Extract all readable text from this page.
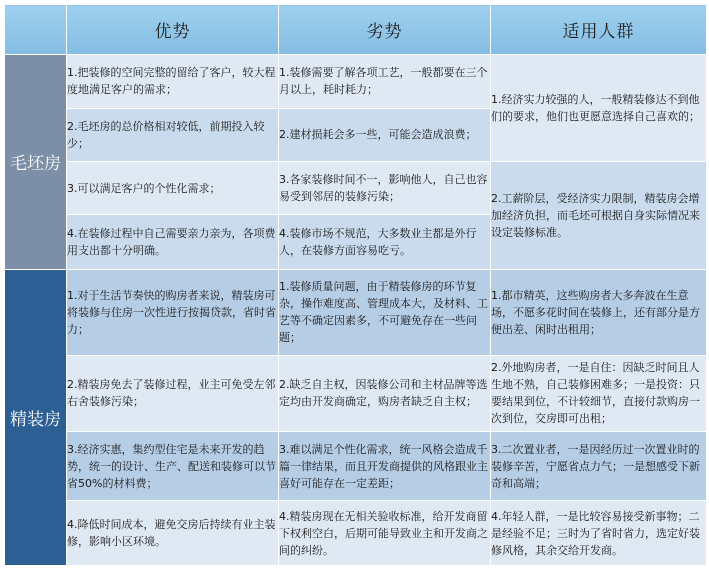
	优势	劣势	适用人群
毛坯房	1.把装修的空间完整的留给了客户，较大程度地满足客户的需求；	1.装修需要了解各项工艺，一般都要在三个月以上，耗时耗力；	1.经济实力较强的人，一般精装修达不到他们的要求，他们也更愿意选择自己喜欢的；
	2.毛坯房的总价格相对较低，前期投入较少；	2.建材损耗会多一些，可能会造成浪费；	
	3.可以满足客户的个性化需求；	3.各家装修时间不一，影响他人，自己也容易受到邻居的装修污染；	2.工薪阶层，受经济实力限制，精装房会增加经济负担，而毛坯可根据自身实际情况来设定装修标准。
	4.在装修过程中自己需要亲力亲为，各项费用支出都十分明确。	4.装修市场不规范，大多数业主都是外行人，在装修方面容易吃亏。	
精装房	1.对于生活节奏快的购房者来说，精装房可将装修与住房一次性进行按揭贷款，省时省力；	1.装修质量问题，由于精装修房的环节复杂，操作难度高、管理成本大，及材料、工艺等不确定因素多，不可避免存在一些问题；	1.都市精英，这些购房者大多奔波在生意场，不愿多花时间在装修上，还有部分是方便出差、闲时出租用；
	2.精装房免去了装修过程，业主可免受左邻右舍装修污染；	2.缺乏自主权，因装修公司和主材品牌等选定均由开发商确定，购房者缺乏自主权；	2.外地购房者，一是自住：因缺乏时间且人生地不熟，自己装修困难多；一是投资：只要结果到位，不计较细节，直接付款购房一次到位，交房即可出租；
	3.经济实惠，集约型住宅是未来开发的趋势，统一的设计、生产、配送和装修可以节省50%的材料费；	3.难以满足个性化需求，统一风格会造成千篇一律结果，而且开发商提供的风格跟业主喜好可能存在一定差距；	3.二次置业者，一是因经历过一次置业时的装修辛苦，宁愿省点力气；一是想感受下新奇和高端；
	4.降低时间成本，避免交房后持续有业主装修，影响小区环境。	4.精装房现在无相关验收标准，给开发商留下权利空白，后期可能导致业主和开发商之间的纠纷。	4.年轻人群，一是比较容易接受新事物；二是经验不足；三时为了省时省力，选定好装修风格，其余交给开发商。
